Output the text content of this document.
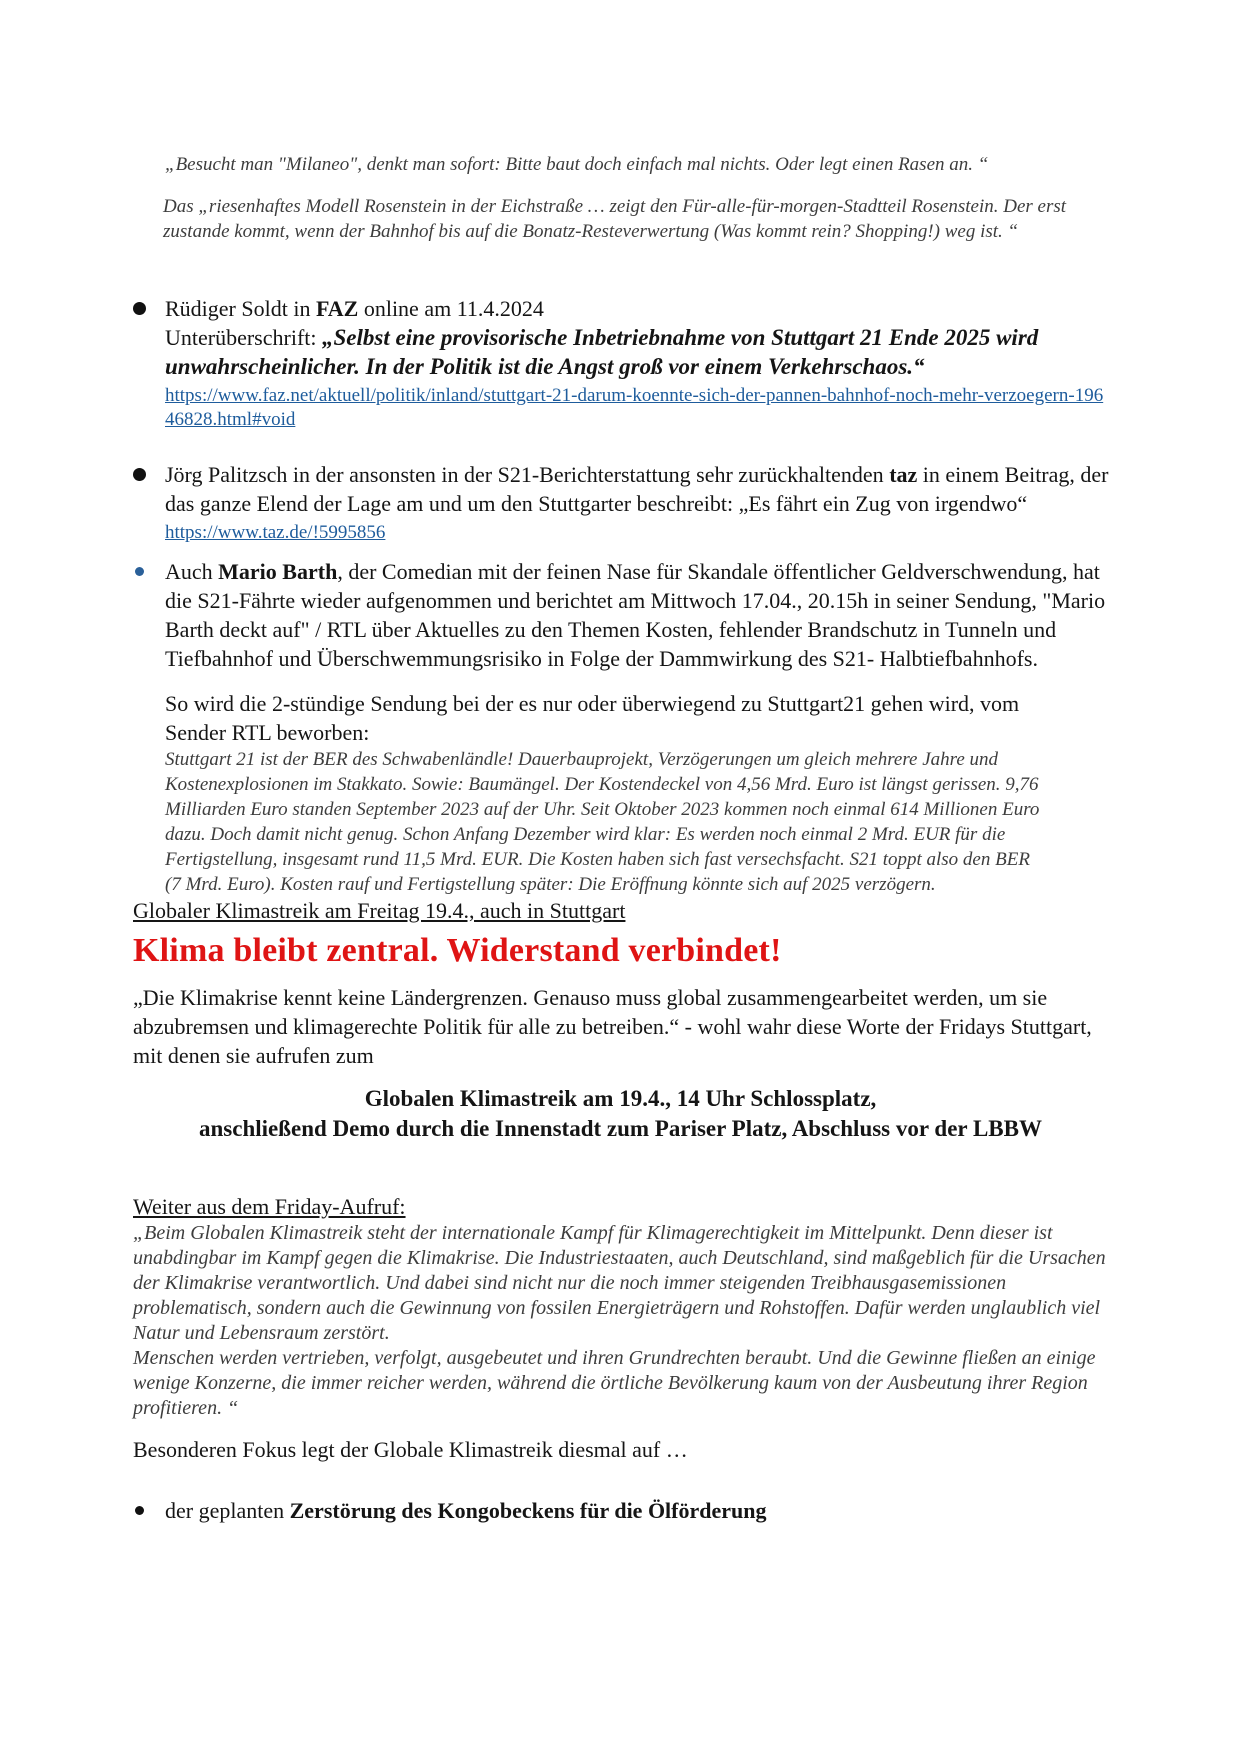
„Besucht man "Milaneo", denkt man sofort: Bitte baut doch einfach mal nichts. Oder legt einen Rasen an. “

Das „riesenhaftes Modell Rosenstein in der Eichstraße … zeigt den Für-alle-für-morgen-Stadtteil Rosenstein. Der erst zustande kommt, wenn der Bahnhof bis auf die Bonatz-Resteverwertung (Was kommt rein? Shopping!) weg ist. “

Rüdiger Soldt in FAZ online am 11.4.2024

Unterüberschrift: „Selbst eine provisorische Inbetriebnahme von Stuttgart 21 Ende 2025 wird unwahrscheinlicher. In der Politik ist die Angst groß vor einem Verkehrschaos.“

https://www.faz.net/aktuell/politik/inland/stuttgart-21-darum-koennte-sich-der-pannen-bahnhof-noch-mehr-verzoegern-19646828.html#void

Jörg Palitzsch in der ansonsten in der S21-Berichterstattung sehr zurückhaltenden taz in einem Beitrag, der das ganze Elend der Lage am und um den Stuttgarter beschreibt: „Es fährt ein Zug von irgendwo“

https://www.taz.de/!5995856

Auch Mario Barth, der Comedian mit der feinen Nase für Skandale öffentlicher Geldverschwendung, hat die S21-Fährte wieder aufgenommen und berichtet am Mittwoch 17.04., 20.15h in seiner Sendung, "Mario Barth deckt auf" / RTL über Aktuelles zu den Themen Kosten, fehlender Brandschutz in Tunneln und Tiefbahnhof und Überschwemmungsrisiko in Folge der Dammwirkung des S21- Halbtiefbahnhofs.

So wird die 2-stündige Sendung bei der es nur oder überwiegend zu Stuttgart21 gehen wird, vom Sender RTL beworben:

Stuttgart 21 ist der BER des Schwabenländle! Dauerbauprojekt, Verzögerungen um gleich mehrere Jahre und Kostenexplosionen im Stakkato. Sowie: Baumängel. Der Kostendeckel von 4,56 Mrd. Euro ist längst gerissen. 9,76 Milliarden Euro standen September 2023 auf der Uhr. Seit Oktober 2023 kommen noch einmal 614 Millionen Euro dazu. Doch damit nicht genug. Schon Anfang Dezember wird klar: Es werden noch einmal 2 Mrd. EUR für die Fertigstellung, insgesamt rund 11,5 Mrd. EUR. Die Kosten haben sich fast versechsfacht. S21 toppt also den BER (7 Mrd. Euro). Kosten rauf und Fertigstellung später: Die Eröffnung könnte sich auf 2025 verzögern.

Globaler Klimastreik am Freitag 19.4., auch in Stuttgart

Klima bleibt zentral. Widerstand verbindet!

„Die Klimakrise kennt keine Ländergrenzen. Genauso muss global zusammengearbeitet werden, um sie abzubremsen und klimagerechte Politik für alle zu betreiben.“ - wohl wahr diese Worte der Fridays Stuttgart, mit denen sie aufrufen zum

Globalen Klimastreik am 19.4., 14 Uhr Schlossplatz,

anschließend Demo durch die Innenstadt zum Pariser Platz, Abschluss vor der LBBW

Weiter aus dem Friday-Aufruf:

„Beim Globalen Klimastreik steht der internationale Kampf für Klimagerechtigkeit im Mittelpunkt. Denn dieser ist unabdingbar im Kampf gegen die Klimakrise. Die Industriestaaten, auch Deutschland, sind maßgeblich für die Ursachen der Klimakrise verantwortlich. Und dabei sind nicht nur die noch immer steigenden Treibhausgasemissionen problematisch, sondern auch die Gewinnung von fossilen Energieträgern und Rohstoffen. Dafür werden unglaublich viel Natur und Lebensraum zerstört.

Menschen werden vertrieben, verfolgt, ausgebeutet und ihren Grundrechten beraubt. Und die Gewinne fließen an einige wenige Konzerne, die immer reicher werden, während die örtliche Bevölkerung kaum von der Ausbeutung ihrer Region profitieren. “

Besonderen Fokus legt der Globale Klimastreik diesmal auf …

der geplanten Zerstörung des Kongobeckens für die Ölförderung
